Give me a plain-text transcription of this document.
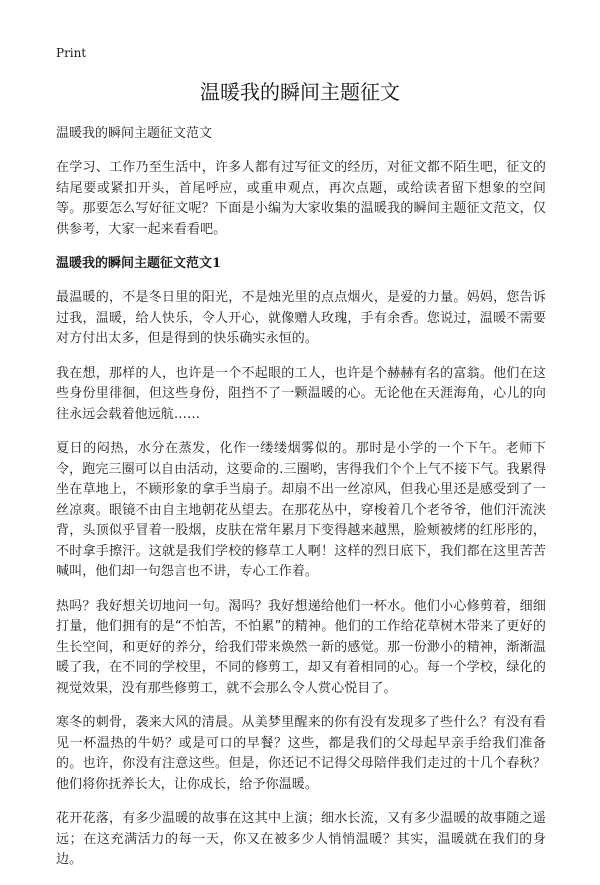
Print
温暖我的瞬间主题征文
温暖我的瞬间主题征文范文

在学习、工作乃至生活中，许多人都有过写征文的经历，对征文都不陌生吧，征文的结尾要或紧扣开头，首尾呼应，或重申观点，再次点题，或给读者留下想象的空间等。那要怎么写好征文呢？下面是小编为大家收集的温暖我的瞬间主题征文范文，仅供参考，大家一起来看看吧。

温暖我的瞬间主题征文范文1

最温暖的，不是冬日里的阳光，不是烛光里的点点烟火，是爱的力量。妈妈，您告诉过我，温暖，给人快乐，令人开心，就像赠人玫瑰，手有余香。您说过，温暖不需要对方付出太多，但是得到的快乐确实永恒的。

我在想，那样的人，也许是一个不起眼的工人，也许是个赫赫有名的富翁。他们在这些身份里徘徊，但这些身份，阻挡不了一颗温暖的心。无论他在天涯海角，心儿的向往永远会载着他远航……

夏日的闷热，水分在蒸发，化作一缕缕烟雾似的。那时是小学的一个下午。老师下令，跑完三圈可以自由活动，这要命的.三圈哟，害得我们个个上气不接下气。我累得坐在草地上，不顾形象的拿手当扇子。却扇不出一丝凉风，但我心里还是感受到了一丝凉爽。眼镜不由自主地朝花丛望去。在那花丛中，穿梭着几个老爷爷，他们汗流浃背，头顶似乎冒着一股烟，皮肤在常年累月下变得越来越黑，脸颊被烤的红彤彤的，不时拿手擦汗。这就是我们学校的修草工人啊！这样的烈日底下，我们都在这里苦苦喊叫，他们却一句怨言也不讲，专心工作着。

热吗？我好想关切地问一句。渴吗？我好想递给他们一杯水。他们小心修剪着，细细打量，他们拥有的是“不怕苦，不怕累”的精神。他们的工作给花草树木带来了更好的生长空间，和更好的养分，给我们带来焕然一新的感觉。那一份渺小的精神，渐渐温暖了我，在不同的学校里，不同的修剪工，却又有着相同的心。每一个学校，绿化的视觉效果，没有那些修剪工，就不会那么令人赏心悦目了。

寒冬的刺骨，袭来大风的清晨。从美梦里醒来的你有没有发现多了些什么？有没有看见一杯温热的牛奶？或是可口的早餐？这些，都是我们的父母起早亲手给我们准备的。也许，你没有注意这些。但是，你还记不记得父母陪伴我们走过的十几个春秋？他们将你抚养长大，让你成长，给予你温暖。

花开花落，有多少温暖的故事在这其中上演；细水长流，又有多少温暖的故事随之遥远；在这充满活力的每一天，你又在被多少人悄悄温暖？其实，温暖就在我们的身边。
